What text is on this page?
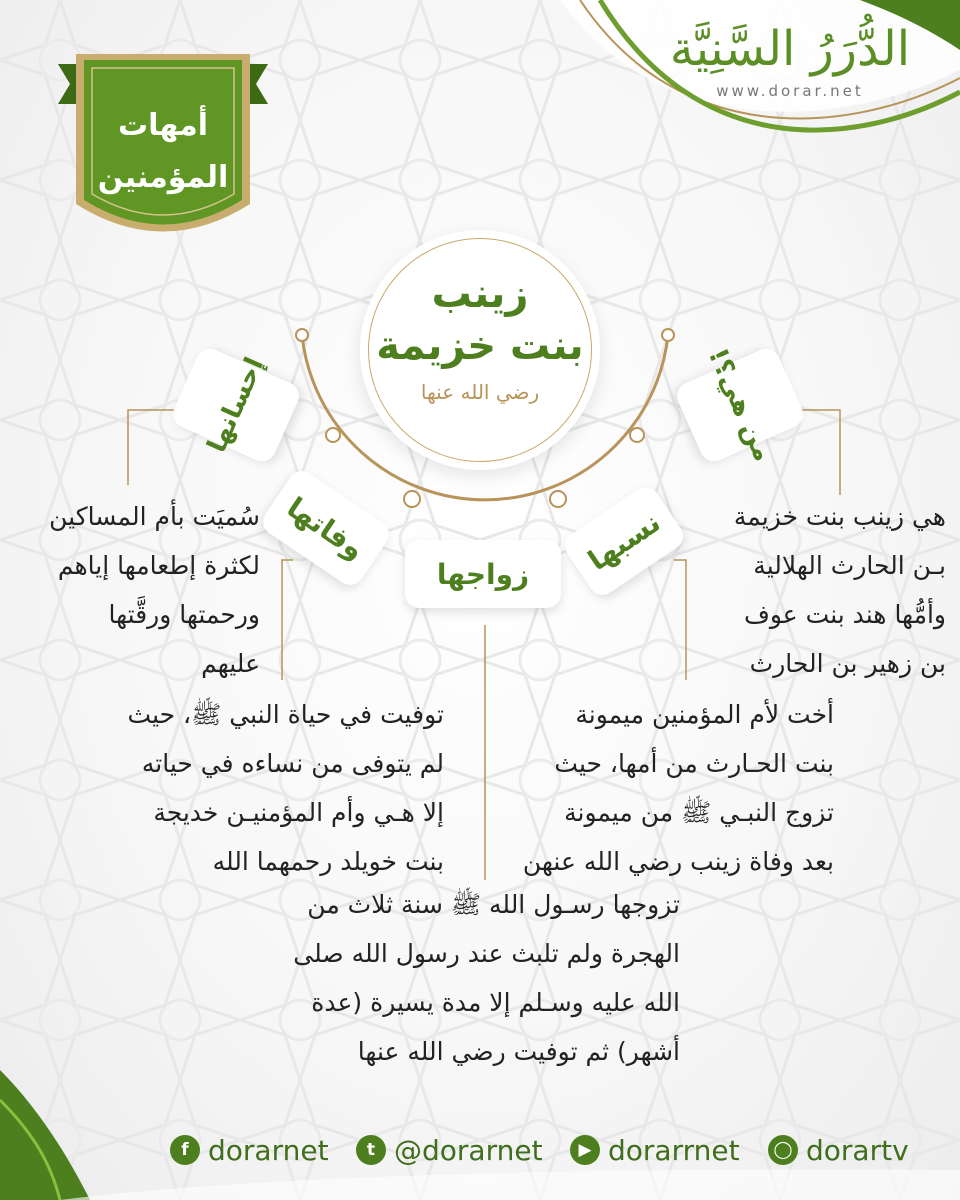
الدُّرَرُ السَّنِيَّة
www.dorar.net
أمهات
المؤمنين
زينب
بنت خزيمة
رضي الله عنها	من هي؟!
نسبها
زواجها
وفاتها
إحسانها
هي زينب بنت خزيمة
بـن الحارث الهلالية
وأمُّها هند بنت عوف
بن زهير بن الحارث
سُميَت بأم المساكين
لكثرة إطعامها إياهم
ورحمتها ورقَّتها
عليهم
أخت لأم المؤمنين ميمونة
بنت الحـارث من أمها، حيث
تزوج النبـي ﷺ من ميمونة
بعد وفاة زينب رضي الله عنهن
توفيت في حياة النبي ﷺ، حيث
لم يتوفى من نساءه في حياته
إلا هـي وأم المؤمنيـن خديجة
بنت خويلد رحمهما الله
تزوجها رسـول الله ﷺ سنة ثلاث من
الهجرة ولم تلبث عند رسول الله صلى
الله عليه وسـلم إلا مدة يسيرة (عدة
أشهر) ثم توفيت رضي الله عنها
f dorarnet	t @dorarnet	▶ dorarrnet	◯ dorartv
